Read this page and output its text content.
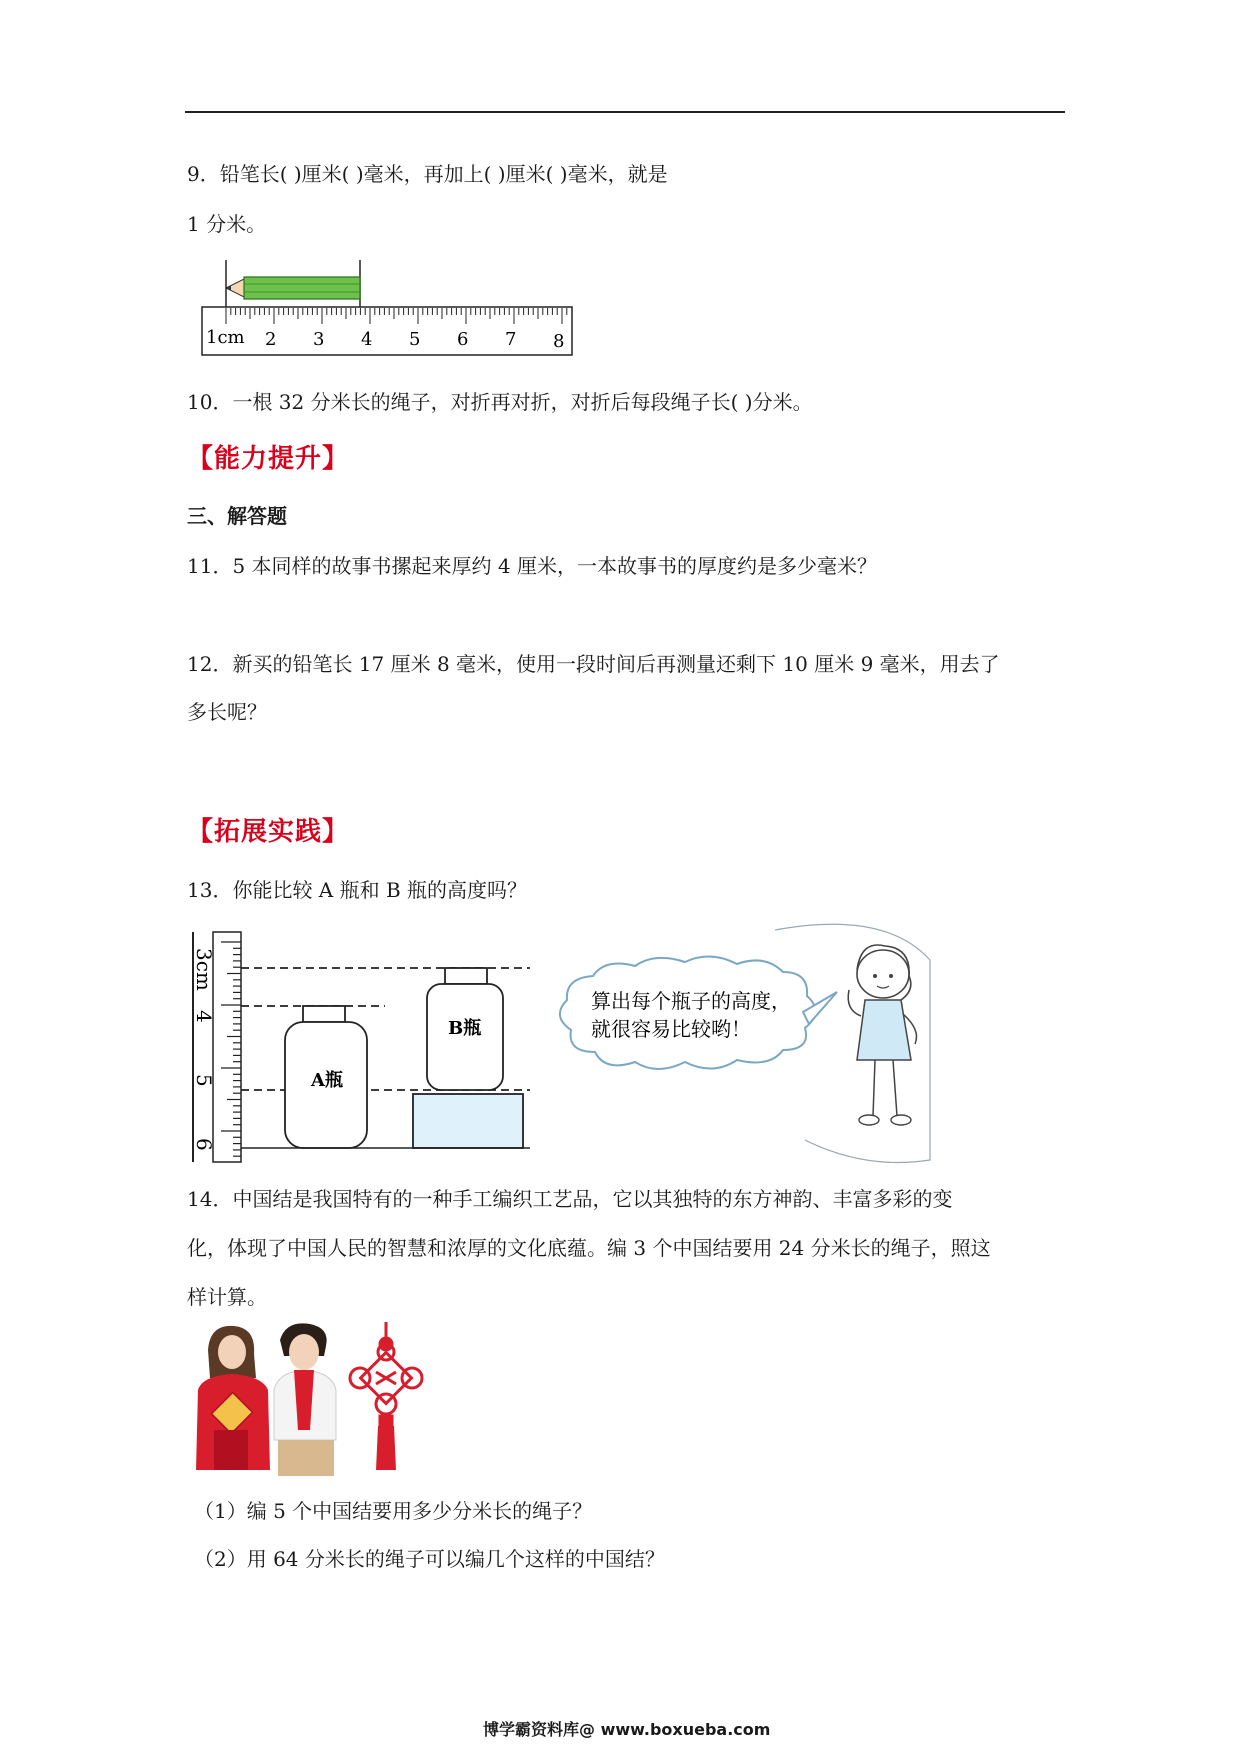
9．铅笔长( )厘米( )毫米，再加上( )厘米( )毫米，就是
1 分米。
1cm 2 3 4 5 6 7 8
10．一根 32 分米长的绳子，对折再对折，对折后每段绳子长( )分米。
【能力提升】
三、解答题
11．5 本同样的故事书摞起来厚约 4 厘米，一本故事书的厚度约是多少毫米？
12．新买的铅笔长 17 厘米 8 毫米，使用一段时间后再测量还剩下 10 厘米 9 毫米，用去了
多长呢？
【拓展实践】
13．你能比较 A 瓶和 B 瓶的高度吗？
3cm
4
5
6
A瓶
B瓶
算出每个瓶子的高度，
就很容易比较哟！
14．中国结是我国特有的一种手工编织工艺品，它以其独特的东方神韵、丰富多彩的变
化，体现了中国人民的智慧和浓厚的文化底蕴。编 3 个中国结要用 24 分米长的绳子，照这
样计算。
（1）编 5 个中国结要用多少分米长的绳子？
（2）用 64 分米长的绳子可以编几个这样的中国结？
博学霸资料库@ www.boxueba.com
